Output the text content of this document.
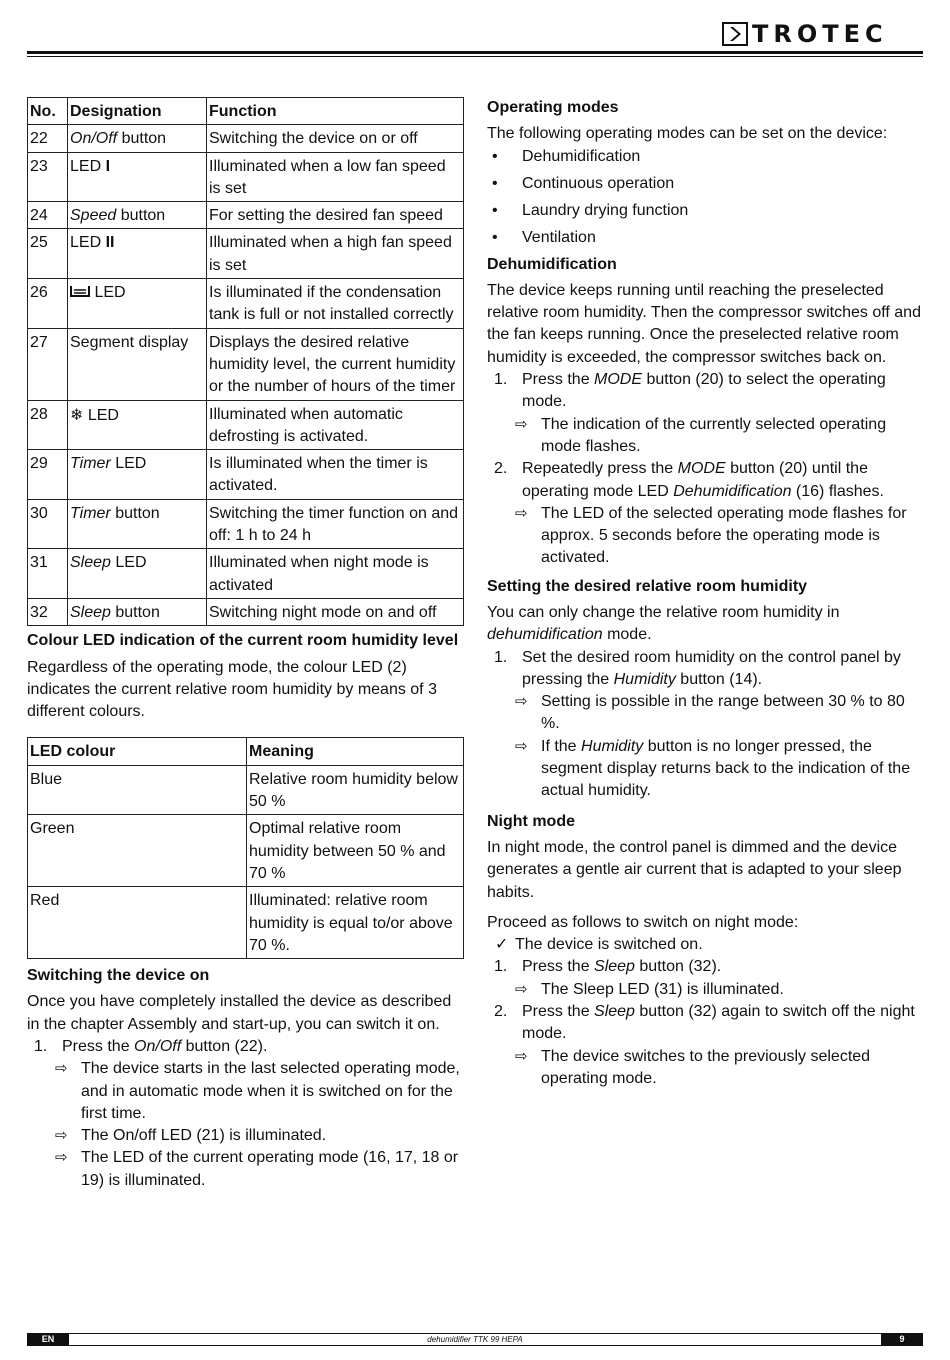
TROTEC
No.	Designation	Function
22	On/Off button	Switching the device on or off
23	LED I	Illuminated when a low fan speed is set
24	Speed button	For setting the desired fan speed
25	LED II	Illuminated when a high fan speed is set
26	LED	Is illuminated if the condensation tank is full or not installed correctly
27	Segment display	Displays the desired relative humidity level, the current humidity or the number of hours of the timer
28	❄ LED	Illuminated when automatic defrosting is activated.
29	Timer LED	Is illuminated when the timer is activated.
30	Timer button	Switching the timer function on and off: 1 h to 24 h
31	Sleep LED	Illuminated when night mode is activated
32	Sleep button	Switching night mode on and off

Colour LED indication of the current room humidity level

Regardless of the operating mode, the colour LED (2) indicates the current relative room humidity by means of 3 different colours.

LED colour	Meaning
Blue	Relative room humidity below 50 %
Green	Optimal relative room humidity between 50 % and 70 %
Red	Illuminated: relative room humidity is equal to/or above 70 %.

Switching the device on

Once you have completely installed the device as described in the chapter Assembly and start-up, you can switch it on.

1. Press the On/Off button (22).
⇨ The device starts in the last selected operating mode, and in automatic mode when it is switched on for the first time.
⇨ The On/off LED (21) is illuminated.
⇨ The LED of the current operating mode (16, 17, 18 or 19) is illuminated.

Operating modes

The following operating modes can be set on the device:

• Dehumidification
• Continuous operation
• Laundry drying function
• Ventilation

Dehumidification

The device keeps running until reaching the preselected relative room humidity. Then the compressor switches off and the fan keeps running. Once the preselected relative room humidity is exceeded, the compressor switches back on.

1. Press the MODE button (20) to select the operating mode.
⇨ The indication of the currently selected operating mode flashes.
2. Repeatedly press the MODE button (20) until the operating mode LED Dehumidification (16) flashes.
⇨ The LED of the selected operating mode flashes for approx. 5 seconds before the operating mode is activated.

Setting the desired relative room humidity

You can only change the relative room humidity in dehumidification mode.

1. Set the desired room humidity on the control panel by pressing the Humidity button (14).
⇨ Setting is possible in the range between 30 % to 80 %.
⇨ If the Humidity button is no longer pressed, the segment display returns back to the indication of the actual humidity.

Night mode

In night mode, the control panel is dimmed and the device generates a gentle air current that is adapted to your sleep habits.

Proceed as follows to switch on night mode:

✓ The device is switched on.
1. Press the Sleep button (32).
⇨ The Sleep LED (31) is illuminated.
2. Press the Sleep button (32) again to switch off the night mode.
⇨ The device switches to the previously selected operating mode.
dehumidifier TTK 99 HEPA
EN	9
